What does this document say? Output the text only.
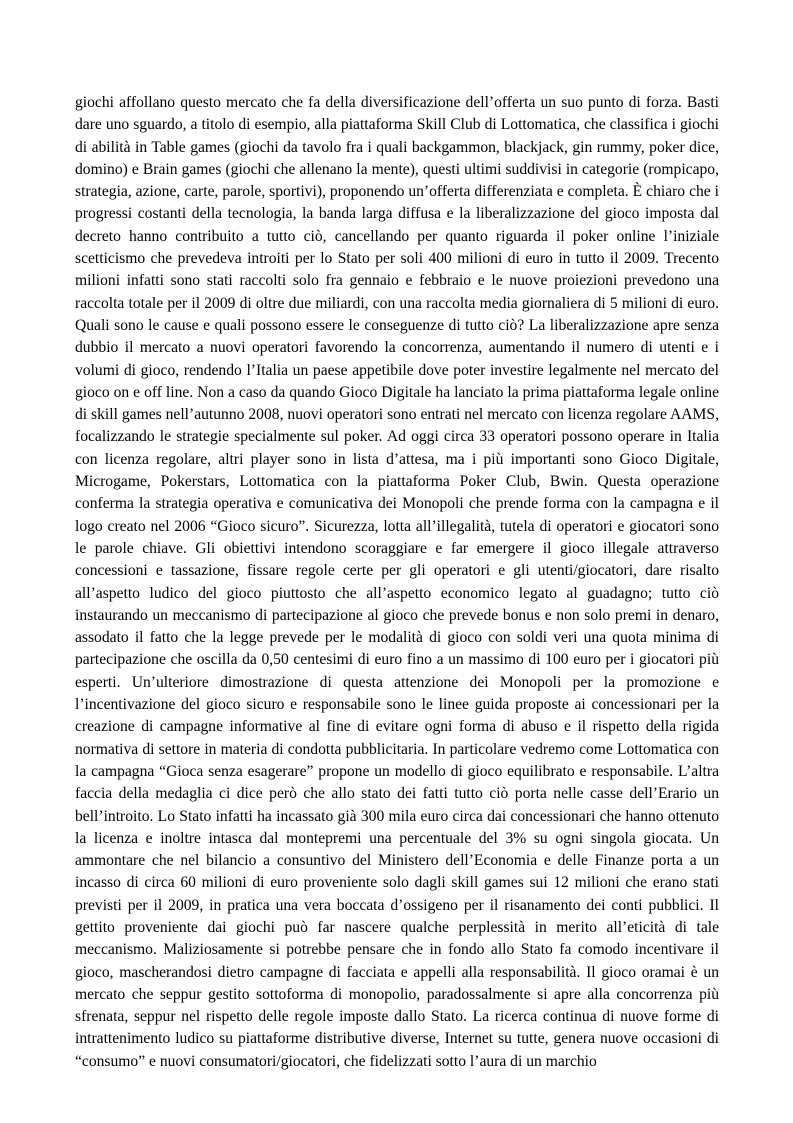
giochi affollano questo mercato che fa della diversificazione dell’offerta un suo punto di forza. Basti dare uno sguardo, a titolo di esempio, alla piattaforma Skill Club di Lottomatica, che classifica i giochi di abilità in Table games (giochi da tavolo fra i quali backgammon, blackjack, gin rummy, poker dice, domino) e Brain games (giochi che allenano la mente), questi ultimi suddivisi in categorie (rompicapo, strategia, azione, carte, parole, sportivi), proponendo un’offerta differenziata e completa. È chiaro che i progressi costanti della tecnologia, la banda larga diffusa e la liberalizzazione del gioco imposta dal decreto hanno contribuito a tutto ciò, cancellando per quanto riguarda il poker online l’iniziale scetticismo che prevedeva introiti per lo Stato per soli 400 milioni di euro in tutto il 2009. Trecento milioni infatti sono stati raccolti solo fra gennaio e febbraio e le nuove proiezioni prevedono una raccolta totale per il 2009 di oltre due miliardi, con una raccolta media giornaliera di 5 milioni di euro. Quali sono le cause e quali possono essere le conseguenze di tutto ciò? La liberalizzazione apre senza dubbio il mercato a nuovi operatori favorendo la concorrenza, aumentando il numero di utenti e i volumi di gioco, rendendo l’Italia un paese appetibile dove poter investire legalmente nel mercato del gioco on e off line. Non a caso da quando Gioco Digitale ha lanciato la prima piattaforma legale online di skill games nell’autunno 2008, nuovi operatori sono entrati nel mercato con licenza regolare AAMS, focalizzando le strategie specialmente sul poker. Ad oggi circa 33 operatori possono operare in Italia con licenza regolare, altri player sono in lista d’attesa, ma i più importanti sono Gioco Digitale, Microgame, Pokerstars, Lottomatica con la piattaforma Poker Club, Bwin. Questa operazione conferma la strategia operativa e comunicativa dei Monopoli che prende forma con la campagna e il logo creato nel 2006 “Gioco sicuro”. Sicurezza, lotta all’illegalità, tutela di operatori e giocatori sono le parole chiave. Gli obiettivi intendono scoraggiare e far emergere il gioco illegale attraverso concessioni e tassazione, fissare regole certe per gli operatori e gli utenti/giocatori, dare risalto all’aspetto ludico del gioco piuttosto che all’aspetto economico legato al guadagno; tutto ciò instaurando un meccanismo di partecipazione al gioco che prevede bonus e non solo premi in denaro, assodato il fatto che la legge prevede per le modalità di gioco con soldi veri una quota minima di partecipazione che oscilla da 0,50 centesimi di euro fino a un massimo di 100 euro per i giocatori più esperti. Un’ulteriore dimostrazione di questa attenzione dei Monopoli per la promozione e l’incentivazione del gioco sicuro e responsabile sono le linee guida proposte ai concessionari per la creazione di campagne informative al fine di evitare ogni forma di abuso e il rispetto della rigida normativa di settore in materia di condotta pubblicitaria. In particolare vedremo come Lottomatica con la campagna “Gioca senza esagerare” propone un modello di gioco equilibrato e responsabile. L’altra faccia della medaglia ci dice però che allo stato dei fatti tutto ciò porta nelle casse dell’Erario un bell’introito. Lo Stato infatti ha incassato già 300 mila euro circa dai concessionari che hanno ottenuto la licenza e inoltre intasca dal montepremi una percentuale del 3% su ogni singola giocata. Un ammontare che nel bilancio a consuntivo del Ministero dell’Economia e delle Finanze porta a un incasso di circa 60 milioni di euro proveniente solo dagli skill games sui 12 milioni che erano stati previsti per il 2009, in pratica una vera boccata d’ossigeno per il risanamento dei conti pubblici. Il gettito proveniente dai giochi può far nascere qualche perplessità in merito all’eticità di tale meccanismo. Maliziosamente si potrebbe pensare che in fondo allo Stato fa comodo incentivare il gioco, mascherandosi dietro campagne di facciata e appelli alla responsabilità. Il gioco oramai è un mercato che seppur gestito sottoforma di monopolio, paradossalmente si apre alla concorrenza più sfrenata, seppur nel rispetto delle regole imposte dallo Stato. La ricerca continua di nuove forme di intrattenimento ludico su piattaforme distributive diverse, Internet su tutte, genera nuove occasioni di “consumo” e nuovi consumatori/giocatori, che fidelizzati sotto l’aura di un marchio
